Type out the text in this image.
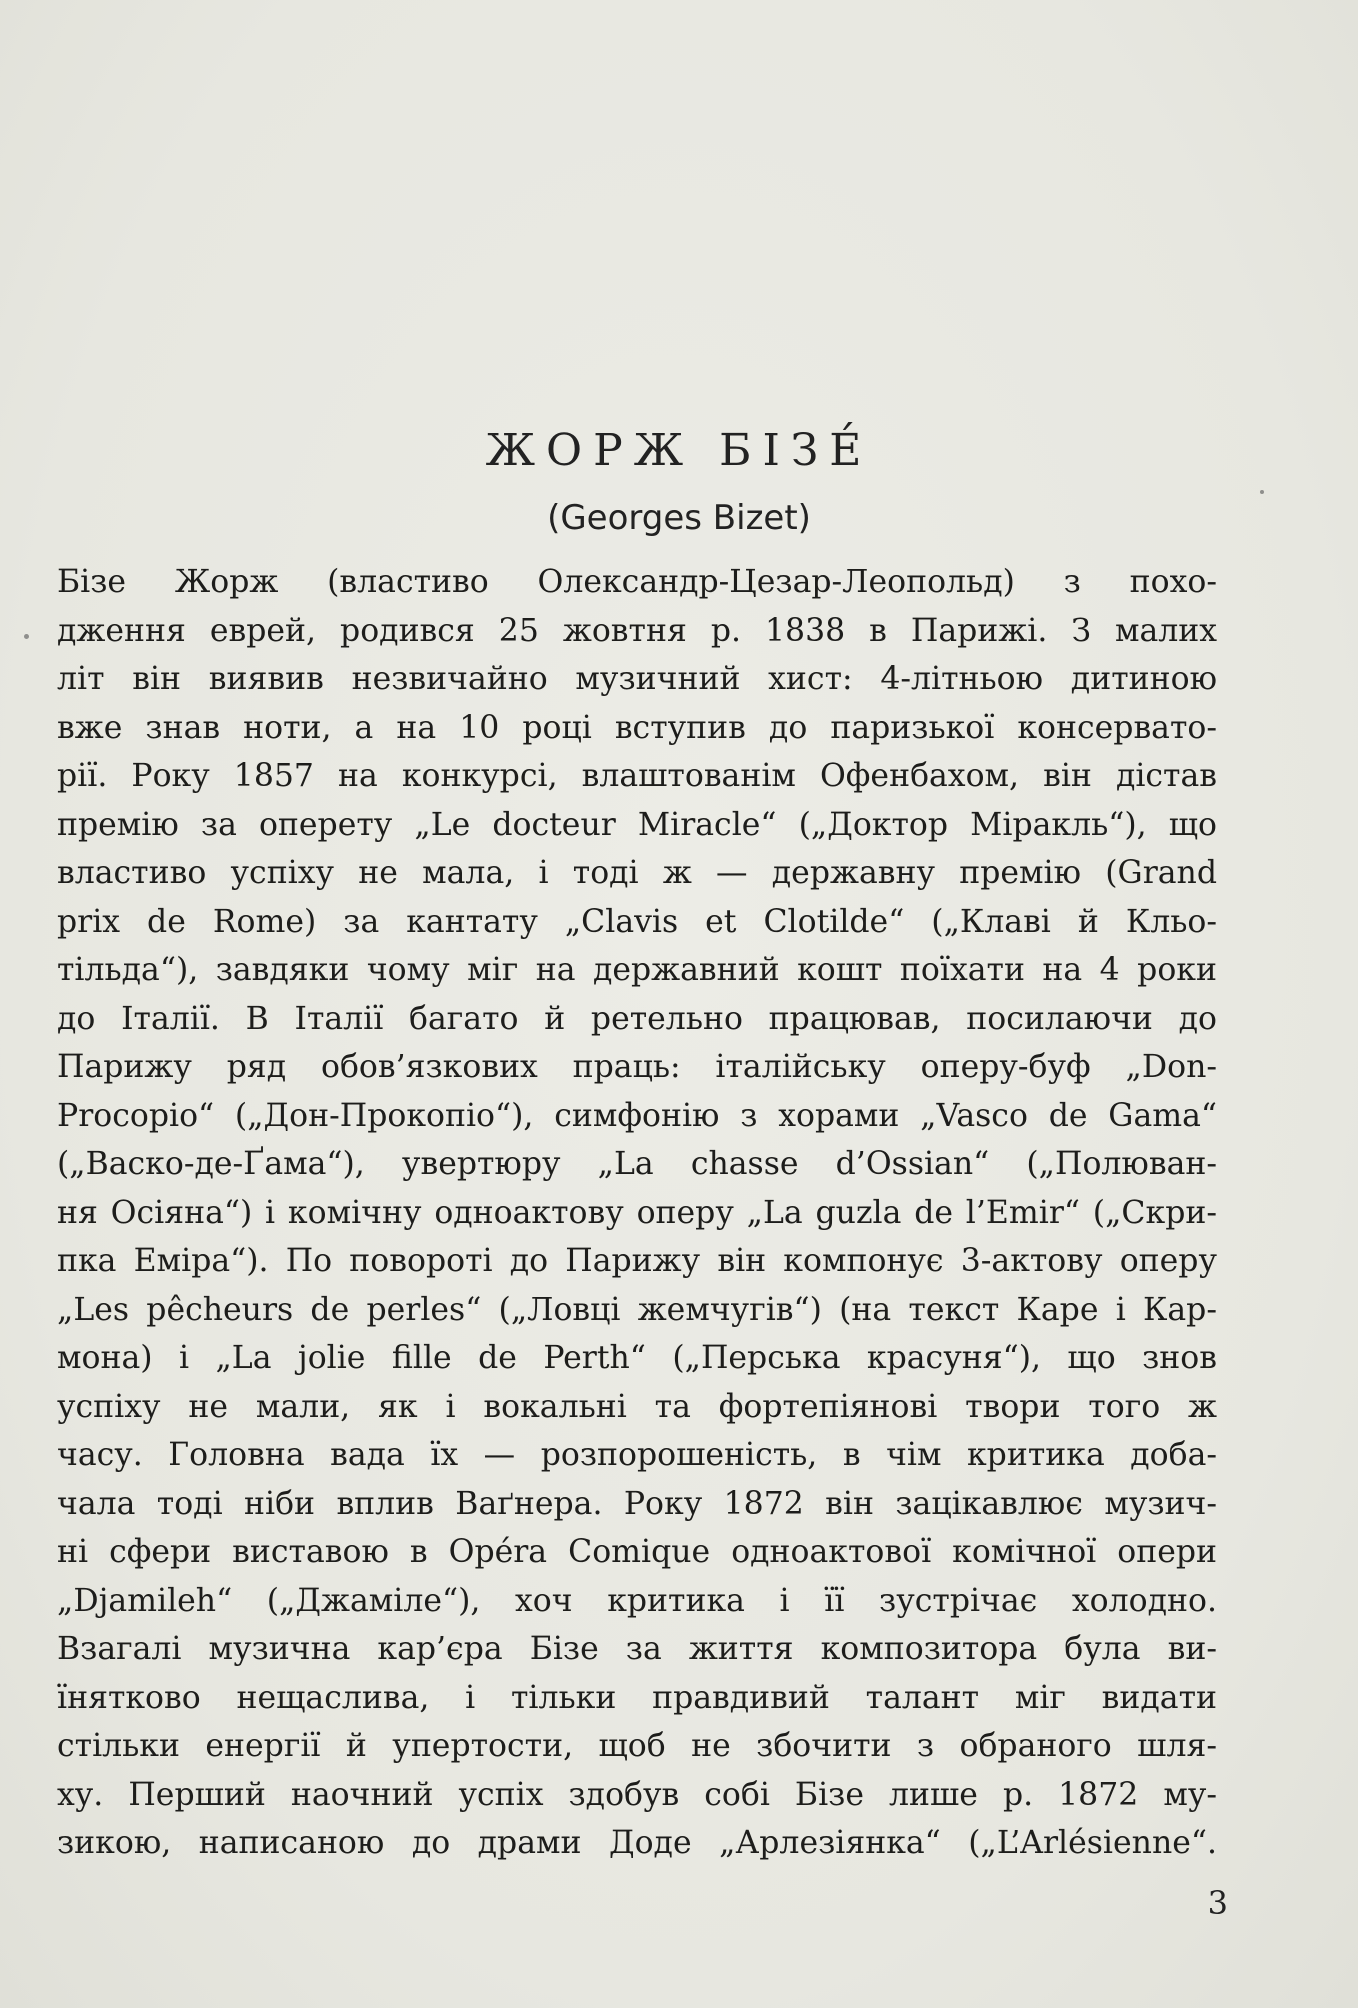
ЖОРЖ БІЗЕ́
(Georges Bizet)
Бізе Жорж (властиво Олександр-Цезар-Леопольд) з похо-
дження еврей, родився 25 жовтня р. 1838 в Парижі. З малих
літ він виявив незвичайно музичний хист: 4-літньою дитиною
вже знав ноти, а на 10 році вступив до паризької консервато-
рії. Року 1857 на конкурсі, влаштованім Офенбахом, він дістав
премію за оперету „Le docteur Miracle“ („Доктор Міракль“), що
властиво успіху не мала, і тоді ж — державну премію (Grand
prix de Rome) за кантату „Clavis et Clotilde“ („Клаві й Кльо-
тільда“), завдяки чому міг на державний кошт поїхати на 4 роки
до Італії. В Італії багато й ретельно працював, посилаючи до
Парижу ряд обов’язкових праць: італійську оперу-буф „Don-
Procopio“ („Дон-Прокопіо“), симфонію з хорами „Vasco de Gama“
(„Васко-де-Ґама“), увертюру „La chasse d’Ossian“ („Полюван-
ня Осіяна“) і комічну одноактову оперу „La guzla de l’Emir“ („Скри-
пка Еміра“). По повороті до Парижу він компонує 3-актову оперу
„Les pêcheurs de perles“ („Ловці жемчугів“) (на текст Каре і Кар-
мона) і „La jolie fille de Perth“ („Перська красуня“), що знов
успіху не мали, як і вокальні та фортепіянові твори того ж
часу. Головна вада їх — розпорошеність, в чім критика доба-
чала тоді ніби вплив Ваґнера. Року 1872 він зацікавлює музич-
ні сфери виставою в Opéra Comique одноактової комічної опери
„Djamileh“ („Джаміле“), хоч критика і її зустрічає холодно.
Взагалі музична кар’єра Бізе за життя композитора була ви-
їнятково нещаслива, і тільки правдивий талант міг видати
стільки енергії й упертости, щоб не збочити з обраного шля-
ху. Перший наочний успіх здобув собі Бізе лише р. 1872 му-
зикою, написаною до драми Доде „Арлезіянка“ („L’Arlésienne“.
3
